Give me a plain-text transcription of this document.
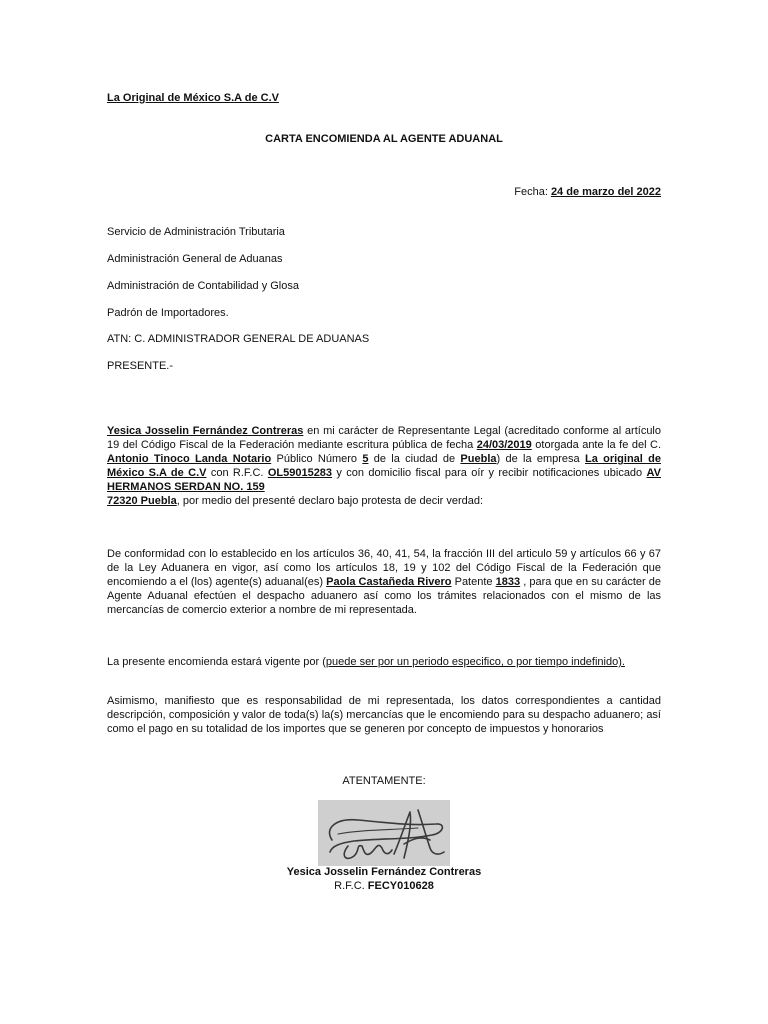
La Original de México S.A de C.V
CARTA ENCOMIENDA AL AGENTE ADUANAL
Fecha: 24 de marzo del 2022
Servicio de Administración Tributaria
Administración General de Aduanas
Administración de Contabilidad y Glosa
Padrón de Importadores.
ATN: C. ADMINISTRADOR GENERAL DE ADUANAS
PRESENTE.-
Yesica Josselin Fernández Contreras en mi carácter de Representante Legal (acreditado conforme al artículo 19 del Código Fiscal de la Federación mediante escritura pública de fecha 24/03/2019 otorgada ante la fe del C. Antonio Tinoco Landa Notario Público Número 5 de la ciudad de Puebla) de la empresa La original de México S.A de C.V con R.F.C. OL59015283 y con domicilio fiscal para oír y recibir notificaciones ubicado AV HERMANOS SERDAN NO. 159
72320 Puebla, por medio del presenté declaro bajo protesta de decir verdad:
De conformidad con lo establecido en los artículos 36, 40, 41, 54, la fracción III del articulo 59 y artículos 66 y 67 de la Ley Aduanera en vigor, así como los artículos 18, 19 y 102 del Código Fiscal de la Federación que encomiendo a el (los) agente(s) aduanal(es) Paola Castañeda Rivero Patente 1833 , para que en su carácter de Agente Aduanal efectúen el despacho aduanero así como los trámites relacionados con el mismo de las mercancías de comercio exterior a nombre de mi representada.
La presente encomienda estará vigente por (puede ser por un periodo especifico, o por tiempo indefinido).
Asimismo, manifiesto que es responsabilidad de mi representada, los datos correspondientes a cantidad descripción, composición y valor de toda(s) la(s) mercancías que le encomiendo para su despacho aduanero; así como el pago en su totalidad de los importes que se generen por concepto de impuestos y honorarios
ATENTAMENTE:
Yesica Josselin Fernández Contreras
R.F.C. FECY010628
